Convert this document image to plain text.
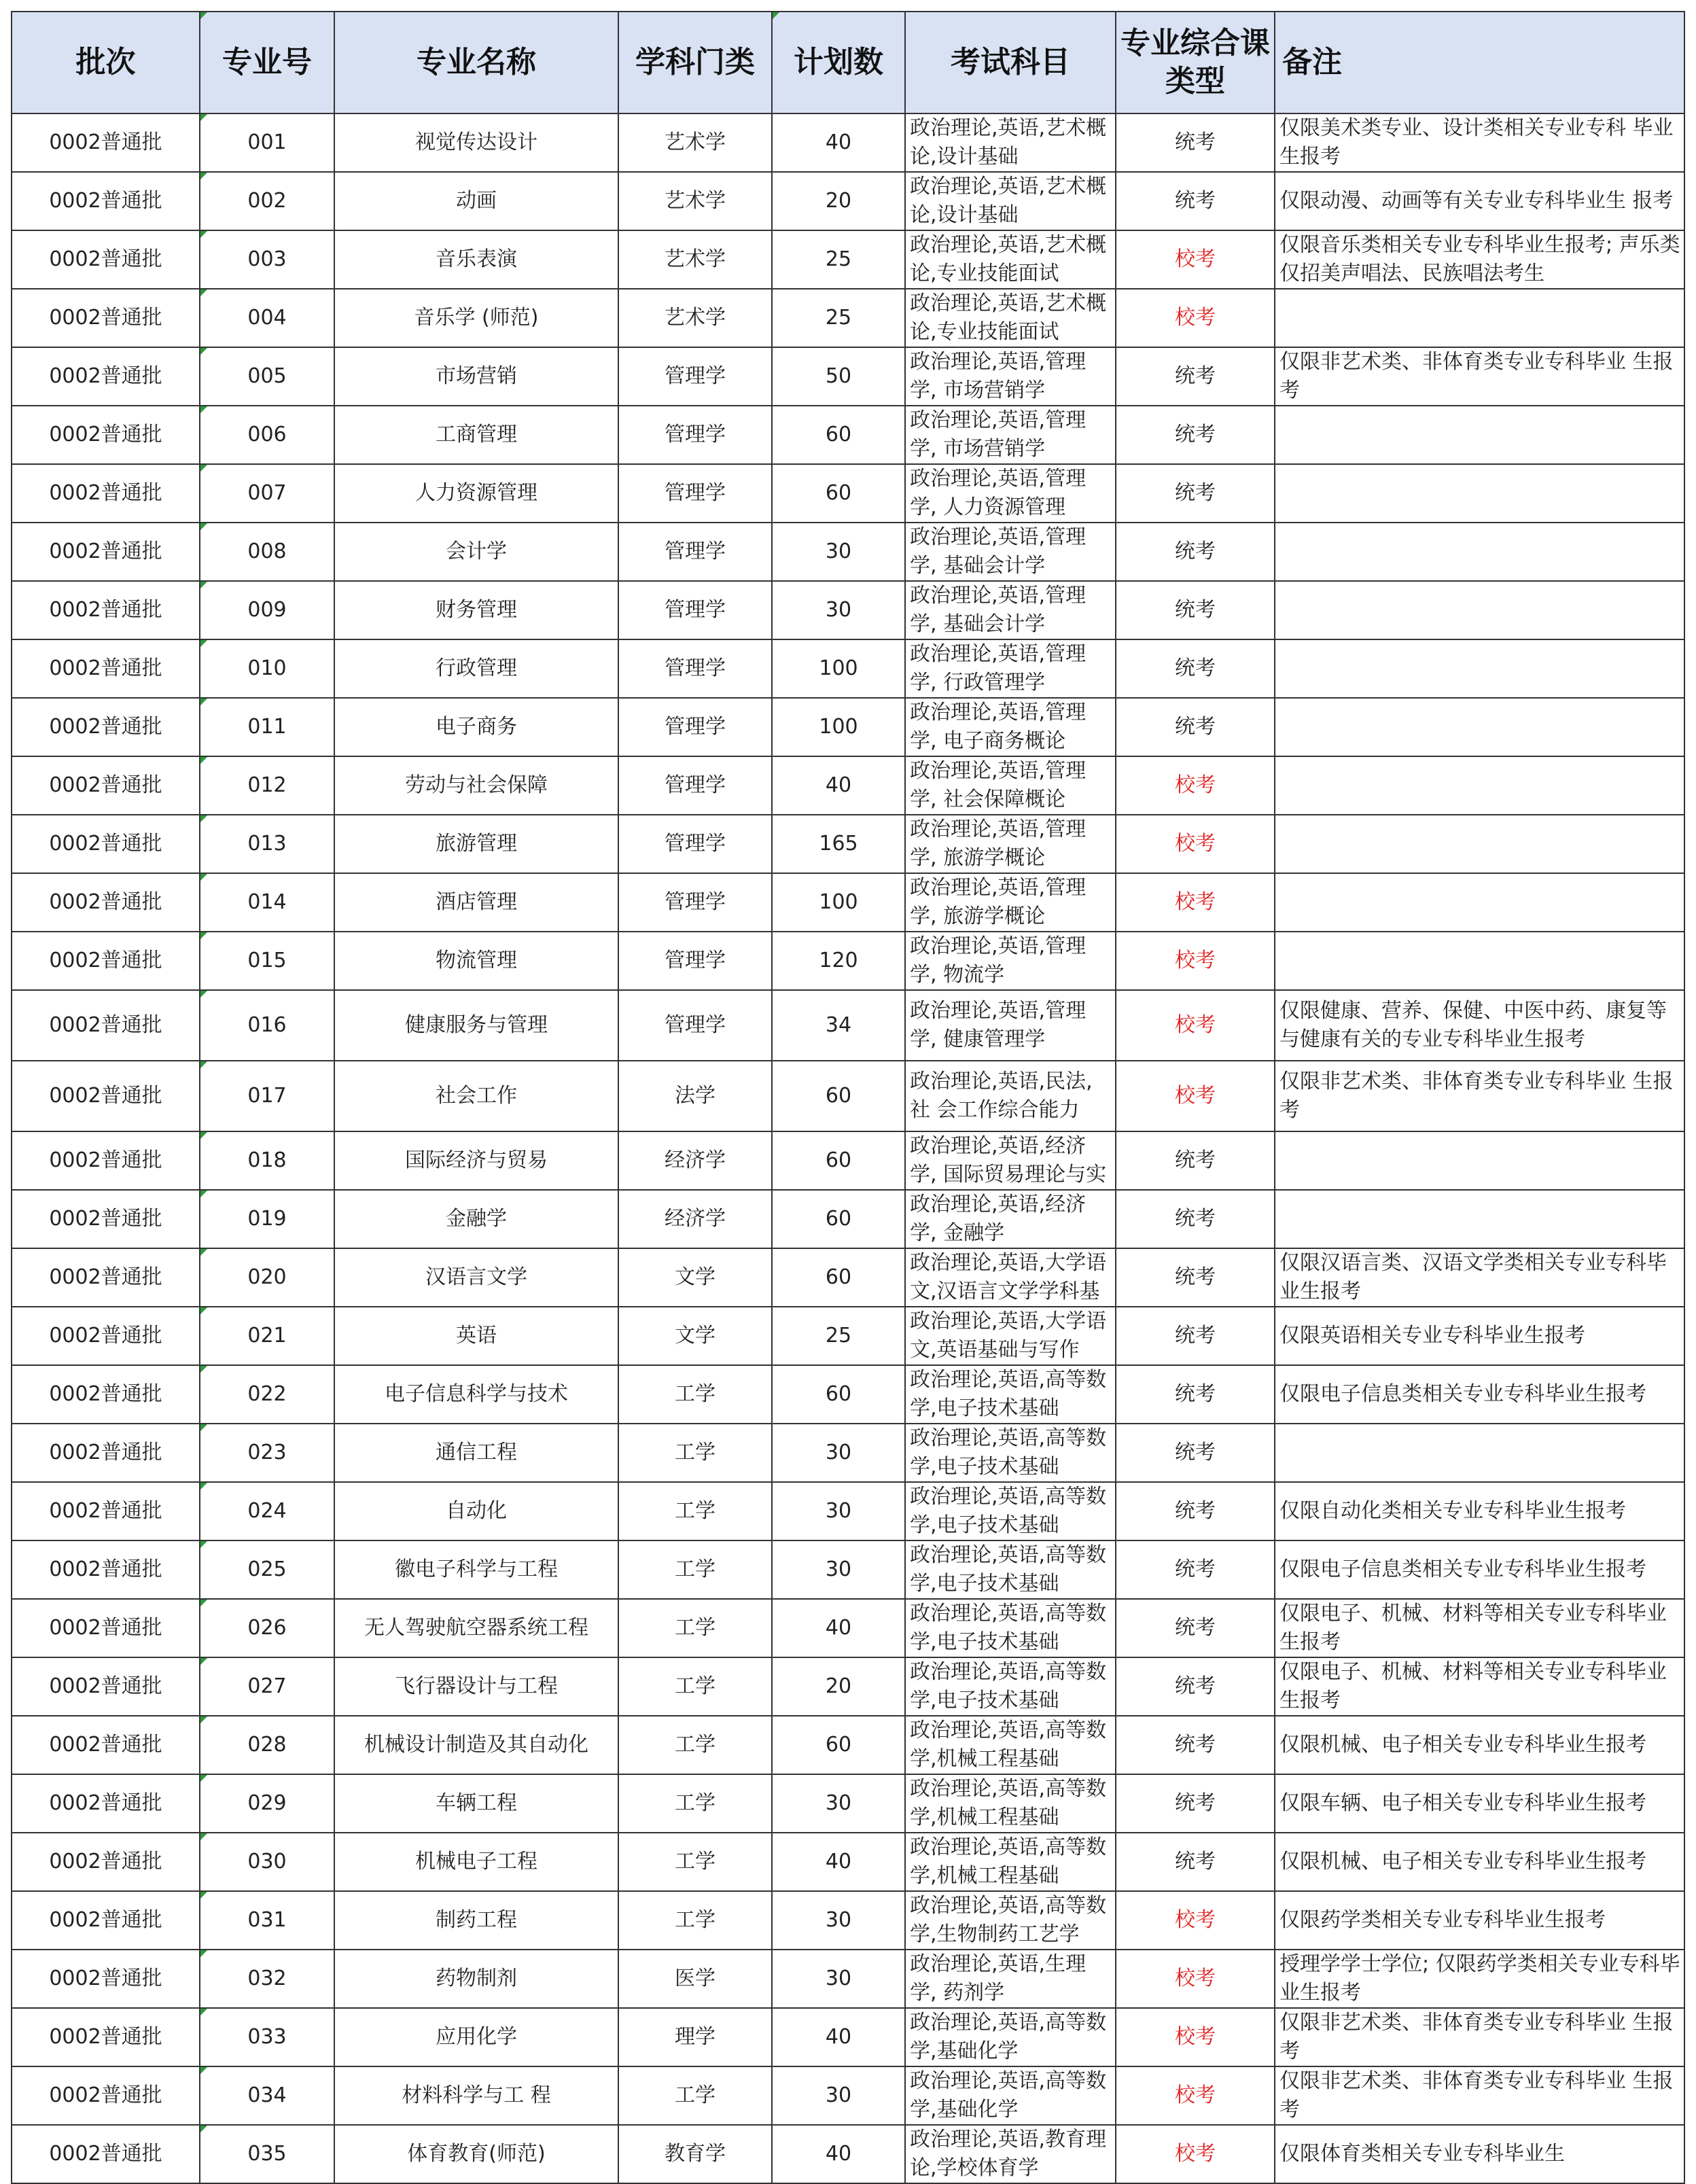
批次	专业号	专业名称	学科门类	计划数	考试科目	专业综合课类型	备注
0002普通批	001	视觉传达设计	艺术学	40	政治理论,英语,艺术概论,设计基础	统考	仅限美术类专业、设计类相关专业专科 毕业生报考
0002普通批	002	动画	艺术学	20	政治理论,英语,艺术概论,设计基础	统考	仅限动漫、动画等有关专业专科毕业生 报考
0002普通批	003	音乐表演	艺术学	25	政治理论,英语,艺术概论,专业技能面试	校考	仅限音乐类相关专业专科毕业生报考; 声乐类仅招美声唱法、民族唱法考生
0002普通批	004	音乐学 (师范)	艺术学	25	政治理论,英语,艺术概论,专业技能面试	校考	
0002普通批	005	市场营销	管理学	50	政治理论,英语,管理学, 市场营销学	统考	仅限非艺术类、非体育类专业专科毕业 生报考
0002普通批	006	工商管理	管理学	60	政治理论,英语,管理学, 市场营销学	统考	
0002普通批	007	人力资源管理	管理学	60	政治理论,英语,管理学, 人力资源管理	统考	
0002普通批	008	会计学	管理学	30	政治理论,英语,管理学, 基础会计学	统考	
0002普通批	009	财务管理	管理学	30	政治理论,英语,管理学, 基础会计学	统考	
0002普通批	010	行政管理	管理学	100	政治理论,英语,管理学, 行政管理学	统考	
0002普通批	011	电子商务	管理学	100	政治理论,英语,管理学, 电子商务概论	统考	
0002普通批	012	劳动与社会保障	管理学	40	政治理论,英语,管理学, 社会保障概论	校考	
0002普通批	013	旅游管理	管理学	165	政治理论,英语,管理学, 旅游学概论	校考	
0002普通批	014	酒店管理	管理学	100	政治理论,英语,管理学, 旅游学概论	校考	
0002普通批	015	物流管理	管理学	120	政治理论,英语,管理学, 物流学	校考	
0002普通批	016	健康服务与管理	管理学	34	政治理论,英语,管理学, 健康管理学	校考	仅限健康、营养、保健、中医中药、康复等与健康有关的专业专科毕业生报考
0002普通批	017	社会工作	法学	60	政治理论,英语,民法,社 会工作综合能力	校考	仅限非艺术类、非体育类专业专科毕业 生报考
0002普通批	018	国际经济与贸易	经济学	60	政治理论,英语,经济学, 国际贸易理论与实	统考	
0002普通批	019	金融学	经济学	60	政治理论,英语,经济学, 金融学	统考	
0002普通批	020	汉语言文学	文学	60	政治理论,英语,大学语文,汉语言文学学科基	统考	仅限汉语言类、汉语文学类相关专业专科毕业生报考
0002普通批	021	英语	文学	25	政治理论,英语,大学语文,英语基础与写作	统考	仅限英语相关专业专科毕业生报考
0002普通批	022	电子信息科学与技术	工学	60	政治理论,英语,高等数学,电子技术基础	统考	仅限电子信息类相关专业专科毕业生报考
0002普通批	023	通信工程	工学	30	政治理论,英语,高等数学,电子技术基础	统考	
0002普通批	024	自动化	工学	30	政治理论,英语,高等数学,电子技术基础	统考	仅限自动化类相关专业专科毕业生报考
0002普通批	025	徽电子科学与工程	工学	30	政治理论,英语,高等数学,电子技术基础	统考	仅限电子信息类相关专业专科毕业生报考
0002普通批	026	无人驾驶航空器系统工程	工学	40	政治理论,英语,高等数学,电子技术基础	统考	仅限电子、机械、材料等相关专业专科毕业生报考
0002普通批	027	飞行器设计与工程	工学	20	政治理论,英语,高等数学,电子技术基础	统考	仅限电子、机械、材料等相关专业专科毕业生报考
0002普通批	028	机械设计制造及其自动化	工学	60	政治理论,英语,高等数学,机械工程基础	统考	仅限机械、电子相关专业专科毕业生报考
0002普通批	029	车辆工程	工学	30	政治理论,英语,高等数学,机械工程基础	统考	仅限车辆、电子相关专业专科毕业生报考
0002普通批	030	机械电子工程	工学	40	政治理论,英语,高等数学,机械工程基础	统考	仅限机械、电子相关专业专科毕业生报考
0002普通批	031	制药工程	工学	30	政治理论,英语,高等数学,生物制药工艺学	校考	仅限药学类相关专业专科毕业生报考
0002普通批	032	药物制剂	医学	30	政治理论,英语,生理学, 药剂学	校考	授理学学士学位; 仅限药学类相关专业专科毕业生报考
0002普通批	033	应用化学	理学	40	政治理论,英语,高等数学,基础化学	校考	仅限非艺术类、非体育类专业专科毕业 生报考
0002普通批	034	材料科学与工 程	工学	30	政治理论,英语,高等数学,基础化学	校考	仅限非艺术类、非体育类专业专科毕业 生报考
0002普通批	035	体育教育(师范)	教育学	40	政治理论,英语,教育理论,学校体育学	校考	仅限体育类相关专业专科毕业生
